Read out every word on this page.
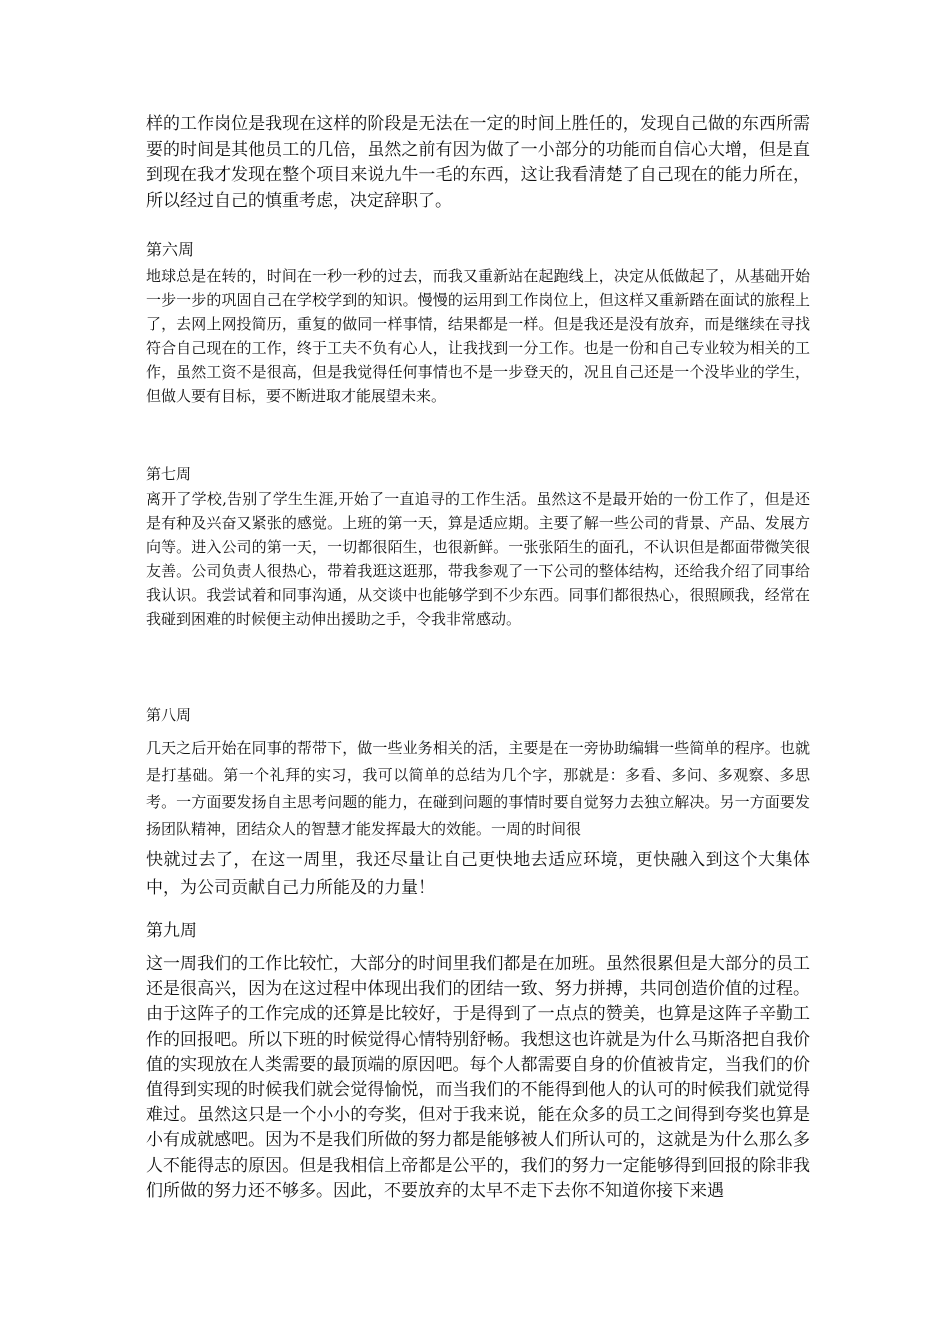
样的工作岗位是我现在这样的阶段是无法在一定的时间上胜任的，发现自己做的东西所需要的时间是其他员工的几倍，虽然之前有因为做了一小部分的功能而自信心大增，但是直到现在我才发现在整个项目来说九牛一毛的东西，这让我看清楚了自己现在的能力所在，所以经过自己的慎重考虑，决定辞职了。

第六周

地球总是在转的，时间在一秒一秒的过去，而我又重新站在起跑线上，决定从低做起了，从基础开始一步一步的巩固自己在学校学到的知识。慢慢的运用到工作岗位上，但这样又重新踏在面试的旅程上了，去网上网投简历，重复的做同一样事情，结果都是一样。但是我还是没有放弃，而是继续在寻找符合自己现在的工作，终于工夫不负有心人，让我找到一分工作。也是一份和自己专业较为相关的工作，虽然工资不是很高，但是我觉得任何事情也不是一步登天的，况且自己还是一个没毕业的学生，但做人要有目标，要不断进取才能展望未来。

第七周

离开了学校,告别了学生生涯,开始了一直追寻的工作生活。虽然这不是最开始的一份工作了，但是还是有种及兴奋又紧张的感觉。上班的第一天，算是适应期。主要了解一些公司的背景、产品、发展方向等。进入公司的第一天，一切都很陌生，也很新鲜。一张张陌生的面孔，不认识但是都面带微笑很友善。公司负责人很热心，带着我逛这逛那，带我参观了一下公司的整体结构，还给我介绍了同事给我认识。我尝试着和同事沟通，从交谈中也能够学到不少东西。同事们都很热心，很照顾我，经常在我碰到困难的时候便主动伸出援助之手，令我非常感动。

第八周

几天之后开始在同事的帮带下，做一些业务相关的活，主要是在一旁协助编辑一些简单的程序。也就是打基础。第一个礼拜的实习，我可以简单的总结为几个字，那就是：多看、多问、多观察、多思考。一方面要发扬自主思考问题的能力，在碰到问题的事情时要自觉努力去独立解决。另一方面要发扬团队精神，团结众人的智慧才能发挥最大的效能。一周的时间很

快就过去了，在这一周里，我还尽量让自己更快地去适应环境，更快融入到这个大集体中，为公司贡献自己力所能及的力量！

第九周

这一周我们的工作比较忙，大部分的时间里我们都是在加班。虽然很累但是大部分的员工还是很高兴，因为在这过程中体现出我们的团结一致、努力拼搏，共同创造价值的过程。由于这阵子的工作完成的还算是比较好，于是得到了一点点的赞美，也算是这阵子辛勤工作的回报吧。所以下班的时候觉得心情特别舒畅。我想这也许就是为什么马斯洛把自我价值的实现放在人类需要的最顶端的原因吧。每个人都需要自身的价值被肯定，当我们的价值得到实现的时候我们就会觉得愉悦，而当我们的不能得到他人的认可的时候我们就觉得难过。虽然这只是一个小小的夸奖，但对于我来说，能在众多的员工之间得到夸奖也算是小有成就感吧。因为不是我们所做的努力都是能够被人们所认可的，这就是为什么那么多人不能得志的原因。但是我相信上帝都是公平的，我们的努力一定能够得到回报的除非我们所做的努力还不够多。因此，不要放弃的太早不走下去你不知道你接下来遇
